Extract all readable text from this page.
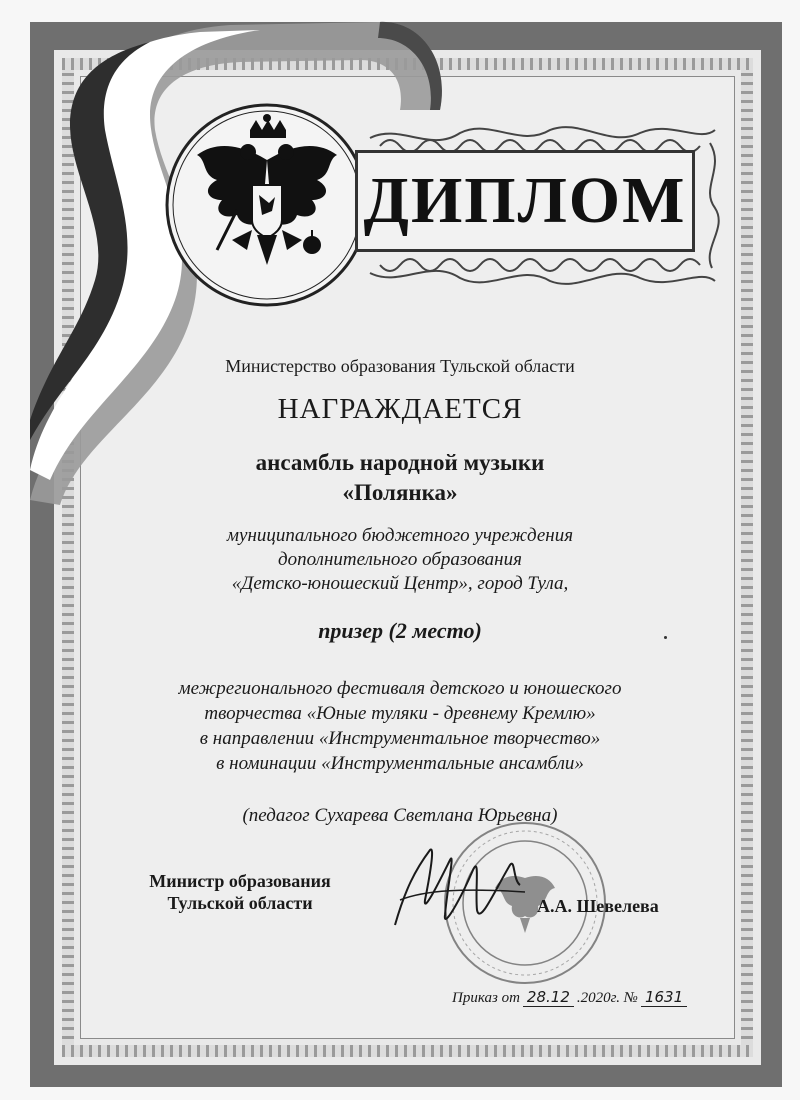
ДИПЛОМ
Министерство образования Тульской области
НАГРАЖДАЕТСЯ
ансамбль народной музыки
«Полянка»
муниципального бюджетного учреждения
дополнительного образования
«Детско-юношеский Центр», город Тула,
призер (2 место)
межрегионального фестиваля детского и юношеского
творчества «Юные туляки - древнему Кремлю»
в направлении «Инструментальное творчество»
в номинации «Инструментальные ансамбли»
(педагог Сухарева Светлана Юрьевна)
Министр образования
Тульской области	А.А. Шевелева
Приказ от 28.12 .2020г. № 1631
